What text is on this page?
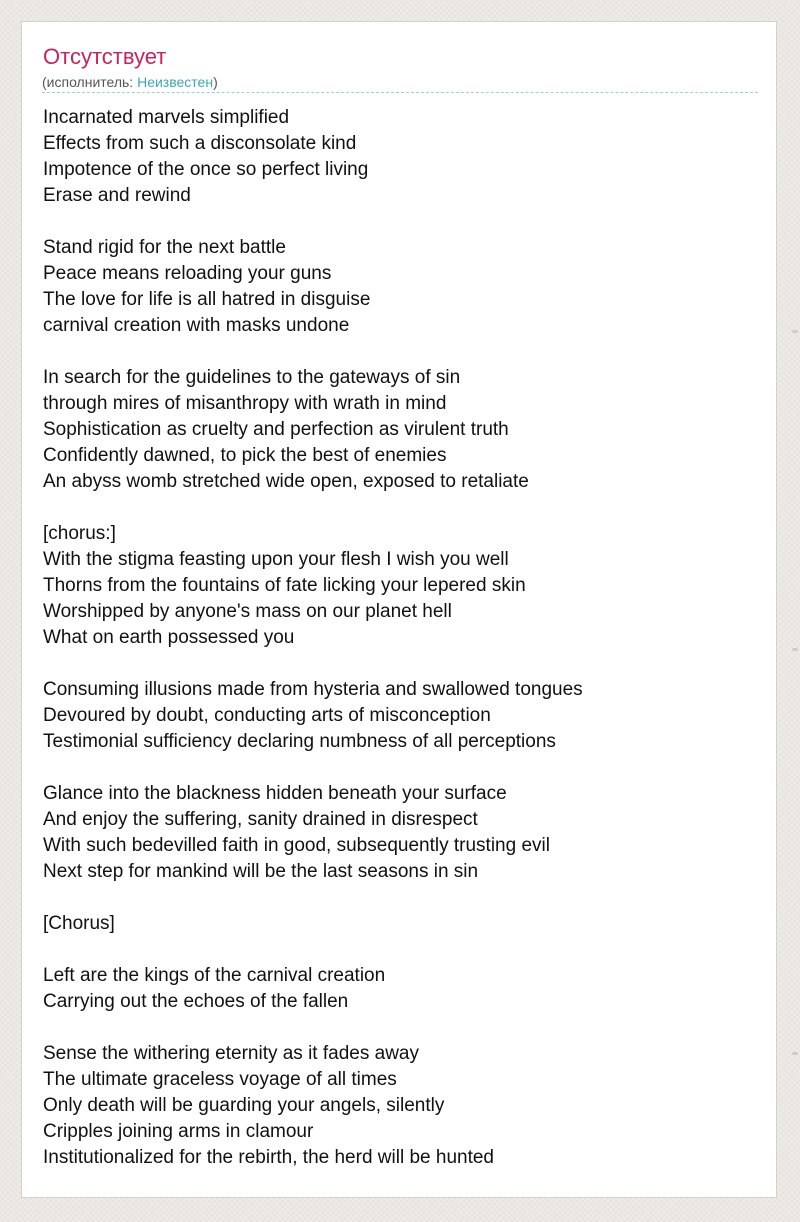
Отсутствует
(исполнитель: Неизвестен)
Incarnated marvels simplified
Effects from such a disconsolate kind
Impotence of the once so perfect living
Erase and rewind
Stand rigid for the next battle
Peace means reloading your guns
The love for life is all hatred in disguise
carnival creation with masks undone
In search for the guidelines to the gateways of sin
through mires of misanthropy with wrath in mind
Sophistication as cruelty and perfection as virulent truth
Confidently dawned, to pick the best of enemies
An abyss womb stretched wide open, exposed to retaliate
[chorus:]
With the stigma feasting upon your flesh I wish you well
Thorns from the fountains of fate licking your lepered skin
Worshipped by anyone's mass on our planet hell
What on earth possessed you
Consuming illusions made from hysteria and swallowed tongues
Devoured by doubt, conducting arts of misconception
Testimonial sufficiency declaring numbness of all perceptions
Glance into the blackness hidden beneath your surface
And enjoy the suffering, sanity drained in disrespect
With such bedevilled faith in good, subsequently trusting evil
Next step for mankind will be the last seasons in sin
[Chorus]
Left are the kings of the carnival creation
Carrying out the echoes of the fallen
Sense the withering eternity as it fades away
The ultimate graceless voyage of all times
Only death will be guarding your angels, silently
Cripples joining arms in clamour
Institutionalized for the rebirth, the herd will be hunted
